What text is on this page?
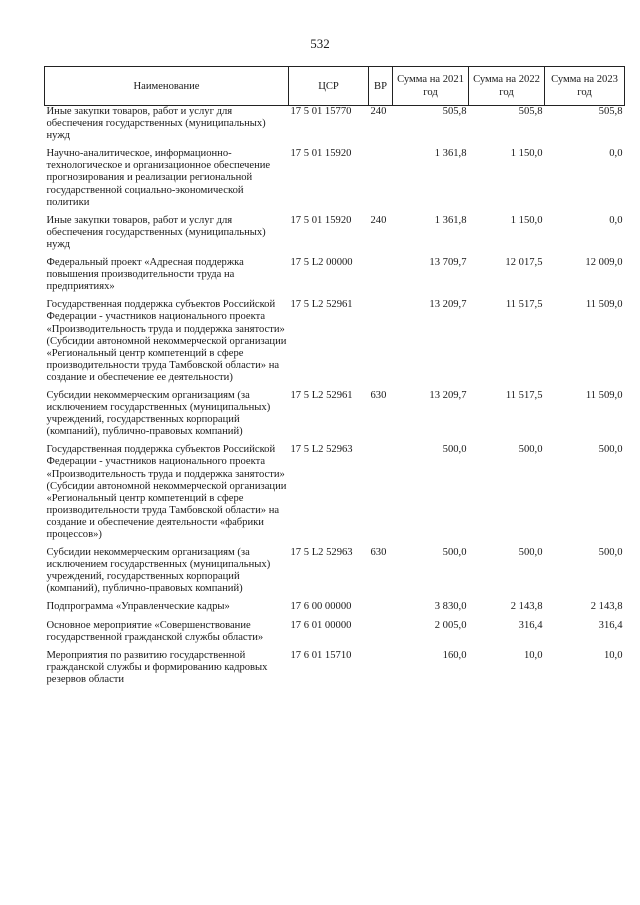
532
Наименование	ЦСР	ВР	Сумма на 2021 год	Сумма на 2022 год	Сумма на 2023 год
Иные закупки товаров, работ и услуг для обеспечения государственных (муниципальных) нужд	17 5 01 15770	240	505,8	505,8	505,8
Научно-аналитическое, информационно-технологическое и организационное обеспечение прогнозирования и реализации региональной государственной социально-экономической политики	17 5 01 15920		1 361,8	1 150,0	0,0
Иные закупки товаров, работ и услуг для обеспечения государственных (муниципальных) нужд	17 5 01 15920	240	1 361,8	1 150,0	0,0
Федеральный проект «Адресная поддержка повышения производительности труда на предприятиях»	17 5 L2 00000		13 709,7	12 017,5	12 009,0
Государственная поддержка субъектов Российской Федерации - участников национального проекта «Производительность труда и поддержка занятости» (Субсидии автономной некоммерческой организации «Региональный центр компетенций в сфере производительности труда Тамбовской области» на создание и обеспечение ее деятельности)	17 5 L2 52961		13 209,7	11 517,5	11 509,0
Субсидии некоммерческим организациям (за исключением государственных (муниципальных) учреждений, государственных корпораций (компаний), публично-правовых компаний)	17 5 L2 52961	630	13 209,7	11 517,5	11 509,0
Государственная поддержка субъектов Российской Федерации - участников национального проекта «Производительность труда и поддержка занятости» (Субсидии автономной некоммерческой организации «Региональный центр компетенций в сфере производительности труда Тамбовской области» на создание и обеспечение деятельности «фабрики процессов»)	17 5 L2 52963		500,0	500,0	500,0
Субсидии некоммерческим организациям (за исключением государственных (муниципальных) учреждений, государственных корпораций (компаний), публично-правовых компаний)	17 5 L2 52963	630	500,0	500,0	500,0
Подпрограмма «Управленческие кадры»	17 6 00 00000		3 830,0	2 143,8	2 143,8
Основное мероприятие «Совершенствование государственной гражданской службы области»	17 6 01 00000		2 005,0	316,4	316,4
Мероприятия по развитию государственной гражданской службы и формированию кадровых резервов области	17 6 01 15710		160,0	10,0	10,0
